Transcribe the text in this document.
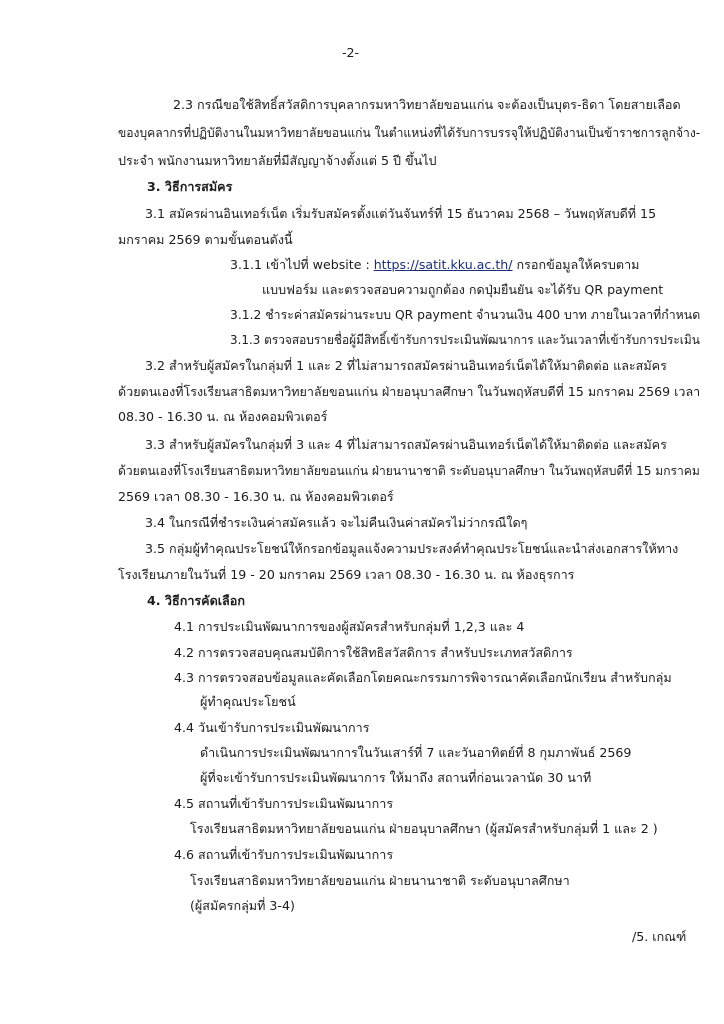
-2-
2.3 กรณีขอใช้สิทธิ์สวัสดิการบุคลากรมหาวิทยาลัยขอนแก่น จะต้องเป็นบุตร-ธิดา โดยสายเลือด
ของบุคลากรที่ปฏิบัติงานในมหาวิทยาลัยขอนแก่น ในตำแหน่งที่ได้รับการบรรจุให้ปฏิบัติงานเป็นข้าราชการลูกจ้าง-
ประจำ พนักงานมหาวิทยาลัยที่มีสัญญาจ้างตั้งแต่ 5 ปี ขึ้นไป
3. วิธีการสมัคร
3.1 สมัครผ่านอินเทอร์เน็ต เริ่มรับสมัครตั้งแต่วันจันทร์ที่ 15 ธันวาคม 2568 – วันพฤหัสบดีที่ 15
มกราคม 2569 ตามขั้นตอนดังนี้
3.1.1 เข้าไปที่ website : https://satit.kku.ac.th/ กรอกข้อมูลให้ครบตาม
แบบฟอร์ม และตรวจสอบความถูกต้อง กดปุ่มยืนยัน จะได้รับ QR payment
3.1.2 ชำระค่าสมัครผ่านระบบ QR payment จำนวนเงิน 400 บาท ภายในเวลาที่กำหนด
3.1.3 ตรวจสอบรายชื่อผู้มีสิทธิ์เข้ารับการประเมินพัฒนาการ และวันเวลาที่เข้ารับการประเมิน
3.2 สำหรับผู้สมัครในกลุ่มที่ 1 และ 2 ที่ไม่สามารถสมัครผ่านอินเทอร์เน็ตได้ให้มาติดต่อ และสมัคร
ด้วยตนเองที่โรงเรียนสาธิตมหาวิทยาลัยขอนแก่น ฝ่ายอนุบาลศึกษา ในวันพฤหัสบดีที่ 15 มกราคม 2569 เวลา
08.30 - 16.30 น. ณ ห้องคอมพิวเตอร์
3.3 สำหรับผู้สมัครในกลุ่มที่ 3 และ 4 ที่ไม่สามารถสมัครผ่านอินเทอร์เน็ตได้ให้มาติดต่อ และสมัคร
ด้วยตนเองที่โรงเรียนสาธิตมหาวิทยาลัยขอนแก่น ฝ่ายนานาชาติ ระดับอนุบาลศึกษา ในวันพฤหัสบดีที่ 15 มกราคม
2569 เวลา 08.30 - 16.30 น. ณ ห้องคอมพิวเตอร์
3.4 ในกรณีที่ชำระเงินค่าสมัครแล้ว จะไม่คืนเงินค่าสมัครไม่ว่ากรณีใดๆ
3.5 กลุ่มผู้ทำคุณประโยชน์ให้กรอกข้อมูลแจ้งความประสงค์ทำคุณประโยชน์และนำส่งเอกสารให้ทาง
โรงเรียนภายในวันที่ 19 - 20 มกราคม 2569 เวลา 08.30 - 16.30 น. ณ ห้องธุรการ
4. วิธีการคัดเลือก
4.1 การประเมินพัฒนาการของผู้สมัครสำหรับกลุ่มที่ 1,2,3 และ 4
4.2 การตรวจสอบคุณสมบัติการใช้สิทธิสวัสดิการ สำหรับประเภทสวัสดิการ
4.3 การตรวจสอบข้อมูลและคัดเลือกโดยคณะกรรมการพิจารณาคัดเลือกนักเรียน สำหรับกลุ่ม
ผู้ทำคุณประโยชน์
4.4 วันเข้ารับการประเมินพัฒนาการ
ดำเนินการประเมินพัฒนาการในวันเสาร์ที่ 7 และวันอาทิตย์ที่ 8 กุมภาพันธ์ 2569
ผู้ที่จะเข้ารับการประเมินพัฒนาการ ให้มาถึง สถานที่ก่อนเวลานัด 30 นาที
4.5 สถานที่เข้ารับการประเมินพัฒนาการ
โรงเรียนสาธิตมหาวิทยาลัยขอนแก่น ฝ่ายอนุบาลศึกษา (ผู้สมัครสำหรับกลุ่มที่ 1 และ 2 )
4.6 สถานที่เข้ารับการประเมินพัฒนาการ
โรงเรียนสาธิตมหาวิทยาลัยขอนแก่น ฝ่ายนานาชาติ ระดับอนุบาลศึกษา
(ผู้สมัครกลุ่มที่ 3-4)
/5. เกณฑ์
